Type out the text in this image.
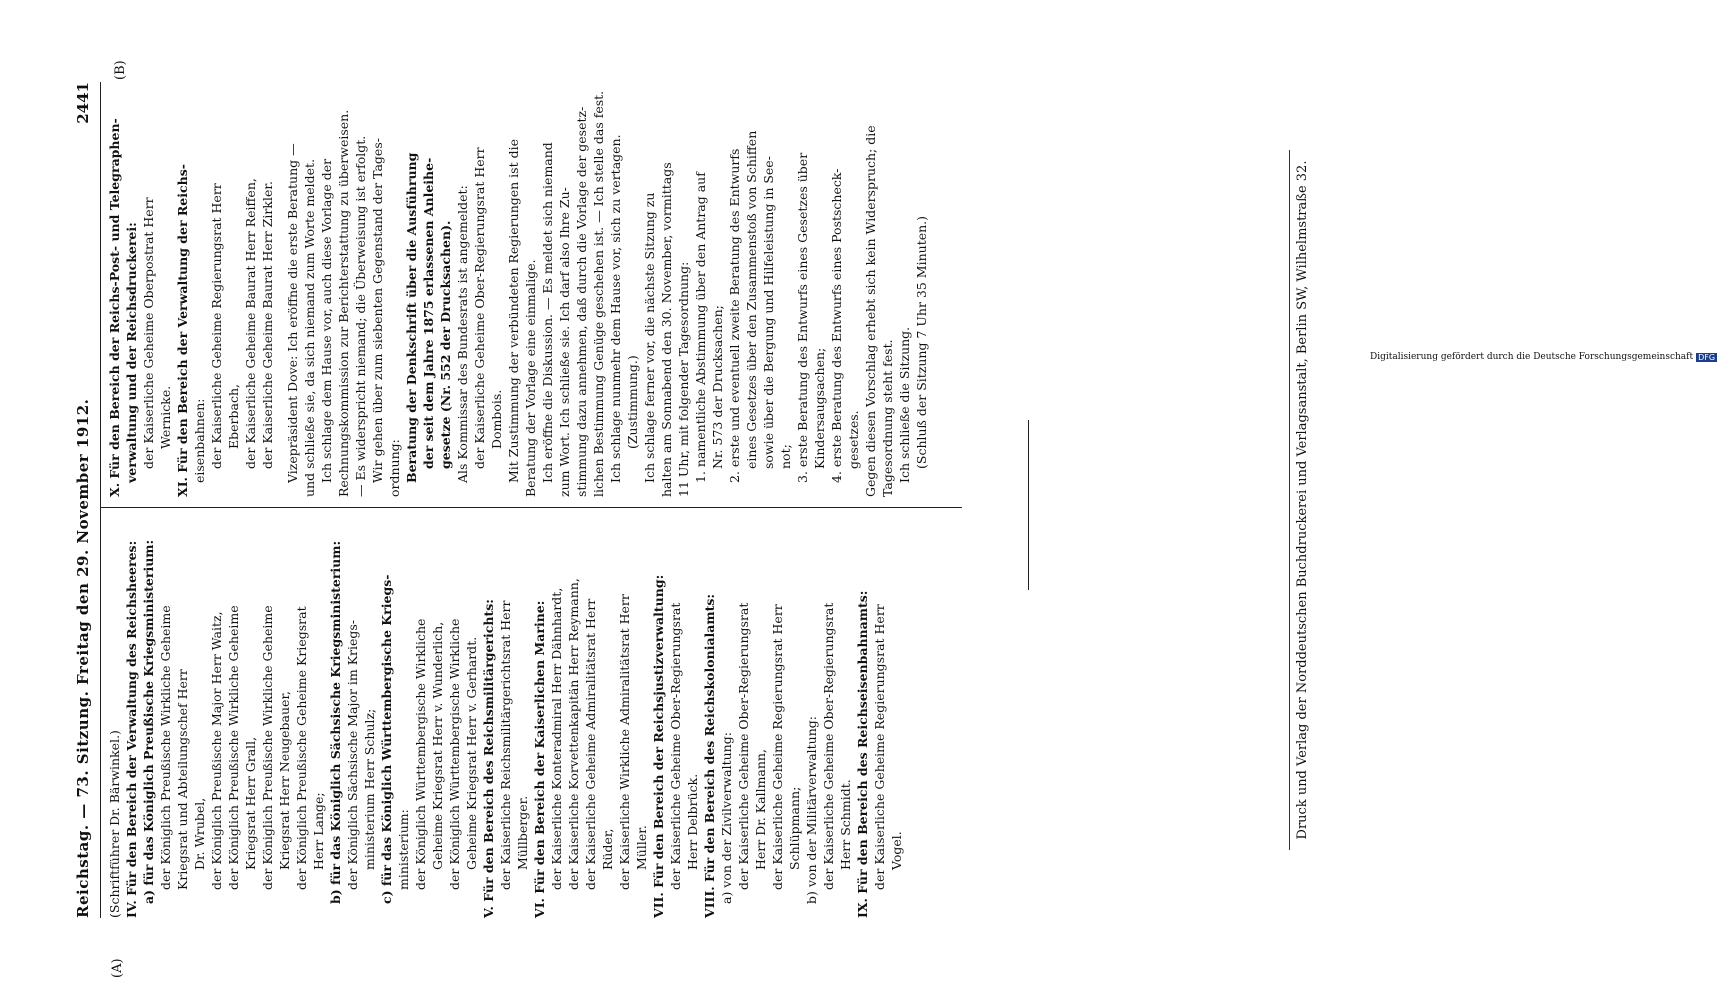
(A)
(B)
Reichstag. — 73. Sitzung. Freitag den 29. November 1912.
2441
(Schriftführer Dr. Bärwinkel.) IV. Für den Bereich der Verwaltung des Reichsheeres: a) für das Königlich Preußische Kriegsministerium: der Königlich Preußische Wirkliche Geheime Kriegsrat und Abteilungschef Herr Dr. Wrubel, der Königlich Preußische Major Herr Waitz, der Königlich Preußische Wirkliche Geheime Kriegsrat Herr Grall, der Königlich Preußische Wirkliche Geheime Kriegsrat Herr Neugebauer, der Königlich Preußische Geheime Kriegsrat Herr Lange; b) für das Königlich Sächsische Kriegsministerium: der Königlich Sächsische Major im Kriegs- ministerium Herr Schulz; c) für das Königlich Württembergische Kriegs- ministerium: der Königlich Württembergische Wirkliche Geheime Kriegsrat Herr v. Wunderlich, der Königlich Württembergische Wirkliche Geheime Kriegsrat Herr v. Gerhardt. V. Für den Bereich des Reichsmilitärgerichts: der Kaiserliche Reichsmilitärgerichtsrat Herr Müllberger. VI. Für den Bereich der Kaiserlichen Marine: der Kaiserliche Konteradmiral Herr Dähnhardt, der Kaiserliche Korvettenkapitän Herr Reymann, der Kaiserliche Geheime Admiralitätsrat Herr Rüder, der Kaiserliche Wirkliche Admiralitätsrat Herr Müller. VII. Für den Bereich der Reichsjustizverwaltung: der Kaiserliche Geheime Ober-Regierungsrat Herr Delbrück. VIII. Für den Bereich des Reichskolonialamts: a) von der Zivilverwaltung: der Kaiserliche Geheime Ober-Regierungsrat Herr Dr. Kallmann, der Kaiserliche Geheime Regierungsrat Herr Schlüpmann; b) von der Militärverwaltung: der Kaiserliche Geheime Ober-Regierungsrat Herr Schmidt. IX. Für den Bereich des Reichseisenbahnamts: der Kaiserliche Geheime Regierungsrat Herr Vogel.
X. Für den Bereich der Reichs-Post- und Telegraphen- verwaltung und der Reichsdruckerei: der Kaiserliche Geheime Oberpostrat Herr Wernicke. XI. Für den Bereich der Verwaltung der Reichs- eisenbahnen: der Kaiserliche Geheime Regierungsrat Herr Eberbach, der Kaiserliche Geheime Baurat Herr Reiffen, der Kaiserliche Geheime Baurat Herr Zirkler. Vizepräsident Dove: Ich eröffne die erste Beratung — und schließe sie, da sich niemand zum Worte meldet. Ich schlage dem Hause vor, auch diese Vorlage der Rechnungskommission zur Berichterstattung zu überweisen. — Es widerspricht niemand; die Überweisung ist erfolgt. Wir gehen über zum siebenten Gegenstand der Tages- ordnung: Beratung der Denkschrift über die Ausführung der seit dem Jahre 1875 erlassenen Anleihe- gesetze (Nr. 552 der Drucksachen). Als Kommissar des Bundesrats ist angemeldet: der Kaiserliche Geheime Ober-Regierungsrat Herr Dombois. Mit Zustimmung der verbündeten Regierungen ist die Beratung der Vorlage eine einmalige. Ich eröffne die Diskussion. — Es meldet sich niemand zum Wort. Ich schließe sie. Ich darf also Ihre Zu- stimmung dazu annehmen, daß durch die Vorlage der gesetz- lichen Bestimmung Genüge geschehen ist. — Ich stelle das fest. Ich schlage nunmehr dem Hause vor, sich zu vertagen. (Zustimmung.) Ich schlage ferner vor, die nächste Sitzung zu halten am Sonnabend den 30. November, vormittags 11 Uhr, mit folgender Tagesordnung: 1. namentliche Abstimmung über den Antrag auf Nr. 573 der Drucksachen; 2. erste und eventuell zweite Beratung des Entwurfs eines Gesetzes über den Zusammenstoß von Schiffen sowie über die Bergung und Hilfeleistung in See- not; 3. erste Beratung des Entwurfs eines Gesetzes über Kindersaugsachen; 4. erste Beratung des Entwurfs eines Postscheck- gesetzes. Gegen diesen Vorschlag erhebt sich kein Widerspruch; die Tagesordnung steht fest. Ich schließe die Sitzung. (Schluß der Sitzung 7 Uhr 35 Minuten.)	Druck und Verlag der Norddeutschen Buchdruckerei und Verlagsanstalt, Berlin SW, Wilhelmstraße 32.	Digitalisierung gefördert durch die Deutsche Forschungsgemeinschaft DFG
